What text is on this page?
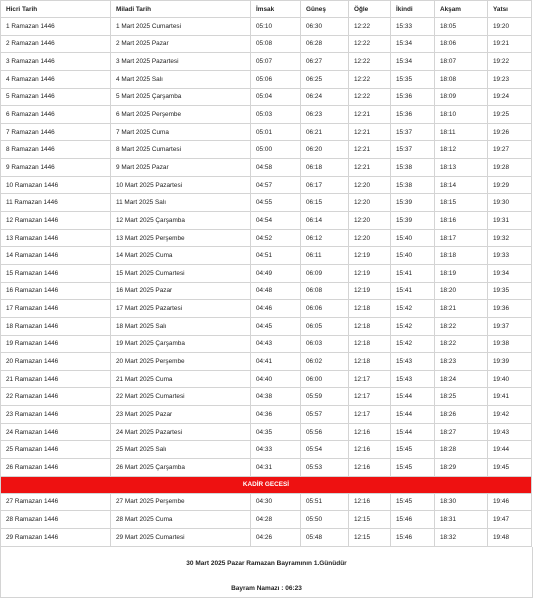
Hicri Tarih	Miladi Tarih	İmsak	Güneş	Öğle	İkindi	Akşam	Yatsı
1 Ramazan 1446	1 Mart 2025 Cumartesi	05:10	06:30	12:22	15:33	18:05	19:20
2 Ramazan 1446	2 Mart 2025 Pazar	05:08	06:28	12:22	15:34	18:06	19:21
3 Ramazan 1446	3 Mart 2025 Pazartesi	05:07	06:27	12:22	15:34	18:07	19:22
4 Ramazan 1446	4 Mart 2025 Salı	05:06	06:25	12:22	15:35	18:08	19:23
5 Ramazan 1446	5 Mart 2025 Çarşamba	05:04	06:24	12:22	15:36	18:09	19:24
6 Ramazan 1446	6 Mart 2025 Perşembe	05:03	06:23	12:21	15:36	18:10	19:25
7 Ramazan 1446	7 Mart 2025 Cuma	05:01	06:21	12:21	15:37	18:11	19:26
8 Ramazan 1446	8 Mart 2025 Cumartesi	05:00	06:20	12:21	15:37	18:12	19:27
9 Ramazan 1446	9 Mart 2025 Pazar	04:58	06:18	12:21	15:38	18:13	19:28
10 Ramazan 1446	10 Mart 2025 Pazartesi	04:57	06:17	12:20	15:38	18:14	19:29
11 Ramazan 1446	11 Mart 2025 Salı	04:55	06:15	12:20	15:39	18:15	19:30
12 Ramazan 1446	12 Mart 2025 Çarşamba	04:54	06:14	12:20	15:39	18:16	19:31
13 Ramazan 1446	13 Mart 2025 Perşembe	04:52	06:12	12:20	15:40	18:17	19:32
14 Ramazan 1446	14 Mart 2025 Cuma	04:51	06:11	12:19	15:40	18:18	19:33
15 Ramazan 1446	15 Mart 2025 Cumartesi	04:49	06:09	12:19	15:41	18:19	19:34
16 Ramazan 1446	16 Mart 2025 Pazar	04:48	06:08	12:19	15:41	18:20	19:35
17 Ramazan 1446	17 Mart 2025 Pazartesi	04:46	06:06	12:18	15:42	18:21	19:36
18 Ramazan 1446	18 Mart 2025 Salı	04:45	06:05	12:18	15:42	18:22	19:37
19 Ramazan 1446	19 Mart 2025 Çarşamba	04:43	06:03	12:18	15:42	18:22	19:38
20 Ramazan 1446	20 Mart 2025 Perşembe	04:41	06:02	12:18	15:43	18:23	19:39
21 Ramazan 1446	21 Mart 2025 Cuma	04:40	06:00	12:17	15:43	18:24	19:40
22 Ramazan 1446	22 Mart 2025 Cumartesi	04:38	05:59	12:17	15:44	18:25	19:41
23 Ramazan 1446	23 Mart 2025 Pazar	04:36	05:57	12:17	15:44	18:26	19:42
24 Ramazan 1446	24 Mart 2025 Pazartesi	04:35	05:56	12:16	15:44	18:27	19:43
25 Ramazan 1446	25 Mart 2025 Salı	04:33	05:54	12:16	15:45	18:28	19:44
26 Ramazan 1446	26 Mart 2025 Çarşamba	04:31	05:53	12:16	15:45	18:29	19:45
KADİR GECESİ							
27 Ramazan 1446	27 Mart 2025 Perşembe	04:30	05:51	12:16	15:45	18:30	19:46
28 Ramazan 1446	28 Mart 2025 Cuma	04:28	05:50	12:15	15:46	18:31	19:47
29 Ramazan 1446	29 Mart 2025 Cumartesi	04:26	05:48	12:15	15:46	18:32	19:48
30 Mart 2025 Pazar Ramazan Bayramının 1.Günüdür
Bayram Namazı : 06:23
